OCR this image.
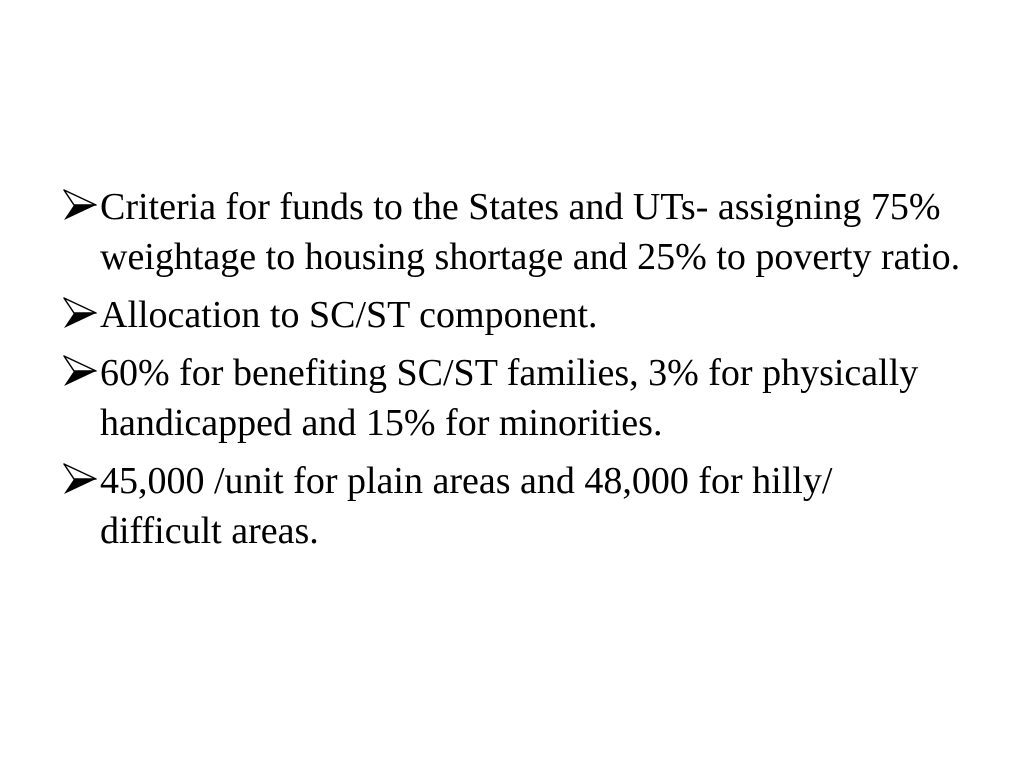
Criteria for funds to the States and UTs- assigning 75% weightage to housing shortage and 25% to poverty ratio.
Allocation to SC/ST component.
60% for benefiting SC/ST families, 3% for physically handicapped and 15% for minorities.
45,000 /unit for plain areas and 48,000 for hilly/ difficult areas.
